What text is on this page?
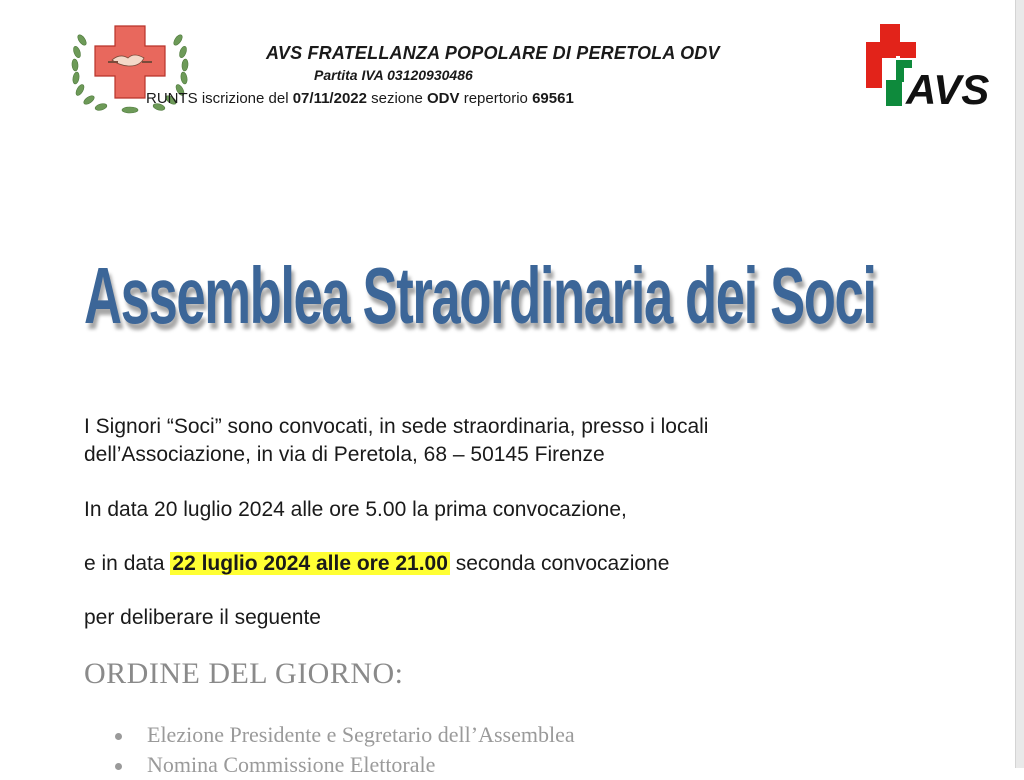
AVS
AVS FRATELLANZA POPOLARE DI PERETOLA ODV
Partita IVA 03120930486
RUNTS iscrizione del 07/11/2022 sezione ODV repertorio 69561
Assemblea Straordinaria dei Soci
I Signori “Soci” sono convocati, in sede straordinaria, presso i locali
dell’Associazione, in via di Peretola, 68 – 50145 Firenze
In data 20 luglio 2024 alle ore 5.00 la prima convocazione,
e in data 22 luglio 2024 alle ore 21.00 seconda convocazione
per deliberare il seguente
ORDINE DEL GIORNO:
Elezione Presidente e Segretario dell’Assemblea
Nomina Commissione Elettorale
